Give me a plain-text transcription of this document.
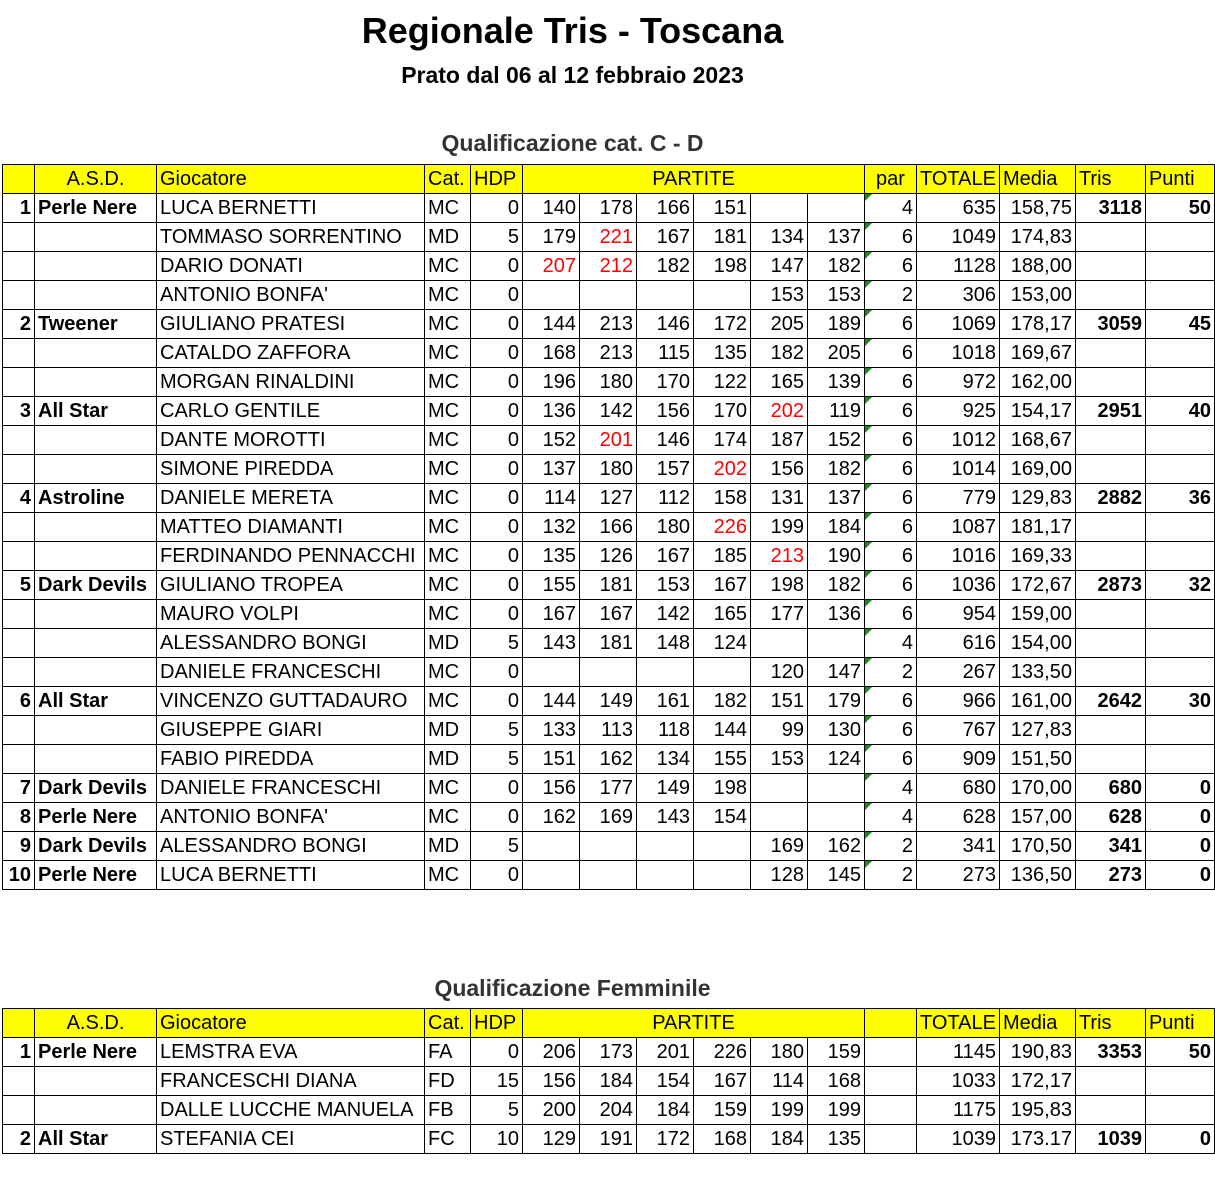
Regionale Tris - Toscana
Prato dal 06 al 12 febbraio 2023
Qualificazione cat. C - D
	A.S.D.	Giocatore	Cat.	HDP	PARTITE						par	TOTALE	Media	Tris	Punti
1	Perle Nere	LUCA BERNETTI	MC	0	140	178	166	151			4	635	158,75	3118	50
		TOMMASO SORRENTINO	MD	5	179	221	167	181	134	137	6	1049	174,83		
		DARIO DONATI	MC	0	207	212	182	198	147	182	6	1128	188,00		
		ANTONIO BONFA'	MC	0					153	153	2	306	153,00		
2	Tweener	GIULIANO PRATESI	MC	0	144	213	146	172	205	189	6	1069	178,17	3059	45
		CATALDO ZAFFORA	MC	0	168	213	115	135	182	205	6	1018	169,67		
		MORGAN RINALDINI	MC	0	196	180	170	122	165	139	6	972	162,00		
3	All Star	CARLO GENTILE	MC	0	136	142	156	170	202	119	6	925	154,17	2951	40
		DANTE MOROTTI	MC	0	152	201	146	174	187	152	6	1012	168,67		
		SIMONE PIREDDA	MC	0	137	180	157	202	156	182	6	1014	169,00		
4	Astroline	DANIELE MERETA	MC	0	114	127	112	158	131	137	6	779	129,83	2882	36
		MATTEO DIAMANTI	MC	0	132	166	180	226	199	184	6	1087	181,17		
		FERDINANDO PENNACCHI	MC	0	135	126	167	185	213	190	6	1016	169,33		
5	Dark Devils	GIULIANO TROPEA	MC	0	155	181	153	167	198	182	6	1036	172,67	2873	32
		MAURO VOLPI	MC	0	167	167	142	165	177	136	6	954	159,00		
		ALESSANDRO BONGI	MD	5	143	181	148	124			4	616	154,00		
		DANIELE FRANCESCHI	MC	0					120	147	2	267	133,50		
6	All Star	VINCENZO GUTTADAURO	MC	0	144	149	161	182	151	179	6	966	161,00	2642	30
		GIUSEPPE GIARI	MD	5	133	113	118	144	99	130	6	767	127,83		
		FABIO PIREDDA	MD	5	151	162	134	155	153	124	6	909	151,50		
7	Dark Devils	DANIELE FRANCESCHI	MC	0	156	177	149	198			4	680	170,00	680	0
8	Perle Nere	ANTONIO BONFA'	MC	0	162	169	143	154			4	628	157,00	628	0
9	Dark Devils	ALESSANDRO BONGI	MD	5					169	162	2	341	170,50	341	0
10	Perle Nere	LUCA BERNETTI	MC	0					128	145	2	273	136,50	273	0
Qualificazione Femminile
	A.S.D.	Giocatore	Cat.	HDP	PARTITE							TOTALE	Media	Tris	Punti
1	Perle Nere	LEMSTRA EVA	FA	0	206	173	201	226	180	159		1145	190,83	3353	50
		FRANCESCHI DIANA	FD	15	156	184	154	167	114	168		1033	172,17		
		DALLE LUCCHE MANUELA	FB	5	200	204	184	159	199	199		1175	195,83		
2	All Star	STEFANIA CEI	FC	10	129	191	172	168	184	135		1039	173.17	1039	0
